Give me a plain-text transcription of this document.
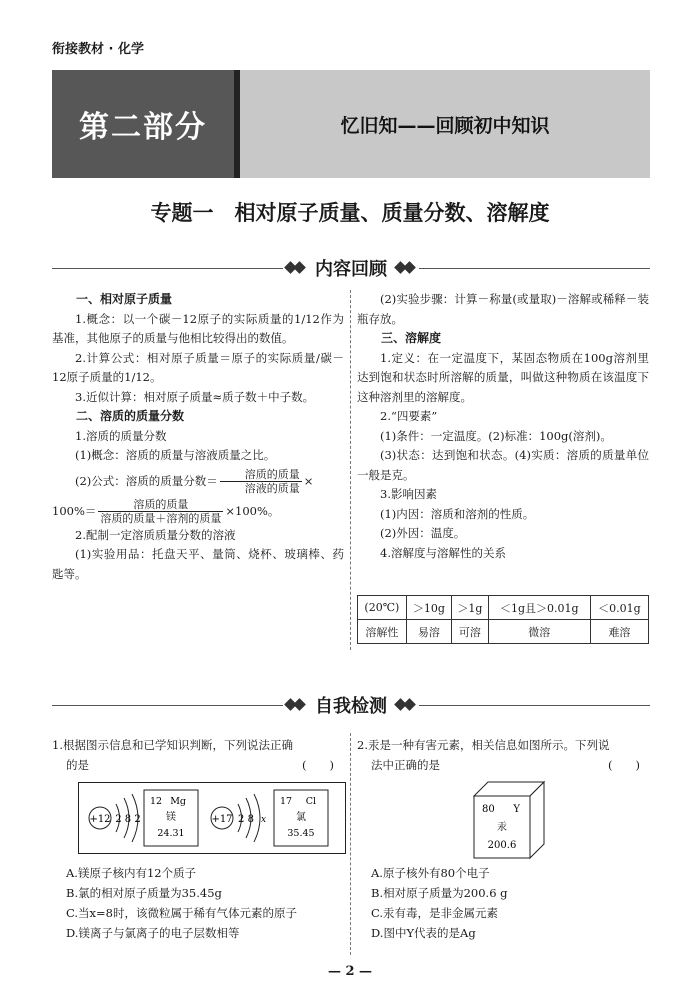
衔接教材 · 化学
第二部分	忆旧知——回顾初中知识
专题一　相对原子质量、质量分数、溶解度
内容回顾

一、相对原子质量

1.概念：以一个碳－12原子的实际质量的1/12作为基准，其他原子的质量与他相比较得出的数值。

2.计算公式：相对原子质量＝原子的实际质量/碳－12原子质量的1/12。

3.近似计算：相对原子质量≈质子数＋中子数。

二、溶质的质量分数

1.溶质的质量分数

(1)概念：溶质的质量与溶液质量之比。

(2)公式：溶质的质量分数＝ $\frac{\text{溶质的质量}}{\text{溶液的质量}}$ ×

$100\%= \frac{\text{溶质的质量}}{\text{溶质的质量＋溶剂的质量}} \times 100\%$。

2.配制一定溶质质量分数的溶液

(1)实验用品：托盘天平、量筒、烧杯、玻璃棒、药匙等。

(2)实验步骤：计算－称量(或量取)－溶解或稀释－装瓶存放。

三、溶解度

1.定义：在一定温度下，某固态物质在100g溶剂里达到饱和状态时所溶解的质量，叫做这种物质在该温度下这种溶剂里的溶解度。

2.“四要素”

(1)条件：一定温度。(2)标准：100g(溶剂)。

(3)状态：达到饱和状态。(4)实质：溶质的质量单位一般是克。

3.影响因素

(1)内因：溶质和溶剂的性质。

(2)外因：温度。

4.溶解度与溶解性的关系

(20℃)	＞10g	＞1g	＜1g且＞0.01g	＜0.01g
溶解性	易溶	可溶	微溶	难溶
自我检测

1.根据图示信息和已学知识判断，下列说法正确

的是	(　　)
+12 2 8 2
12 Mg
镁
24.31
+17 2 8 x
17 Cl
氯
35.45

A.镁原子核内有12个质子

B.氯的相对原子质量为35.45g

C.当x=8时，该微粒属于稀有气体元素的原子

D.镁离子与氯离子的电子层数相等

2.汞是一种有害元素，相关信息如图所示。下列说

法中正确的是	(　　)
80 Y
汞
200.6

A.原子核外有80个电子

B.相对原子质量为200.6 g

C.汞有毒，是非金属元素

D.图中Y代表的是Ag

— 2 —
